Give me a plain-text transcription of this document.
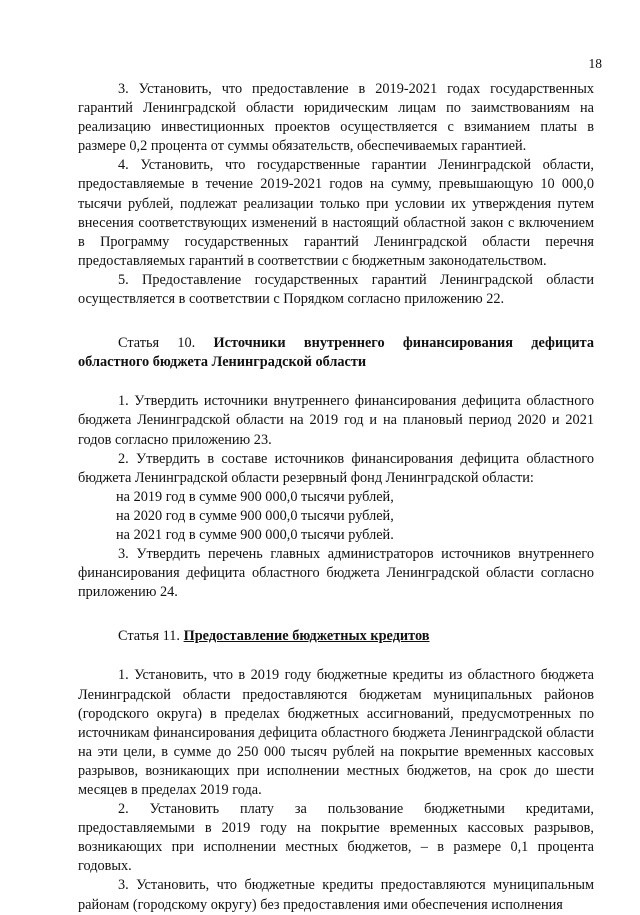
18

3. Установить, что предоставление в 2019-2021 годах государственных гарантий Ленинградской области юридическим лицам по заимствованиям на реализацию инвестиционных проектов осуществляется с взиманием платы в размере 0,2 процента от суммы обязательств, обеспечиваемых гарантией.

4. Установить, что государственные гарантии Ленинградской области, предоставляемые в течение 2019-2021 годов на сумму, превышающую 10 000,0 тысячи рублей, подлежат реализации только при условии их утверждения путем внесения соответствующих изменений в настоящий областной закон с включением в Программу государственных гарантий Ленинградской области перечня предоставляемых гарантий в соответствии с бюджетным законодательством.

5. Предоставление государственных гарантий Ленинградской области осуществляется в соответствии с Порядком согласно приложению 22.

Статья 10. Источники внутреннего финансирования дефицита областного бюджета Ленинградской области

1. Утвердить источники внутреннего финансирования дефицита областного бюджета Ленинградской области на 2019 год и на плановый период 2020 и 2021 годов согласно приложению 23.

2. Утвердить в составе источников финансирования дефицита областного бюджета Ленинградской области резервный фонд Ленинградской области:

на 2019 год в сумме 900 000,0 тысячи рублей,

на 2020 год в сумме 900 000,0 тысячи рублей,

на 2021 год в сумме 900 000,0 тысячи рублей.

3. Утвердить перечень главных администраторов источников внутреннего финансирования дефицита областного бюджета Ленинградской области согласно приложению 24.

Статья 11. Предоставление бюджетных кредитов

1. Установить, что в 2019 году бюджетные кредиты из областного бюджета Ленинградской области предоставляются бюджетам муниципальных районов (городского округа) в пределах бюджетных ассигнований, предусмотренных по источникам финансирования дефицита областного бюджета Ленинградской области на эти цели, в сумме до 250 000 тысяч рублей на покрытие временных кассовых разрывов, возникающих при исполнении местных бюджетов, на срок до шести месяцев в пределах 2019 года.

2. Установить плату за пользование бюджетными кредитами, предоставляемыми в 2019 году на покрытие временных кассовых разрывов, возникающих при исполнении местных бюджетов, – в размере 0,1 процента годовых.

3. Установить, что бюджетные кредиты предоставляются муниципальным районам (городскому округу) без предоставления ими обеспечения исполнения
